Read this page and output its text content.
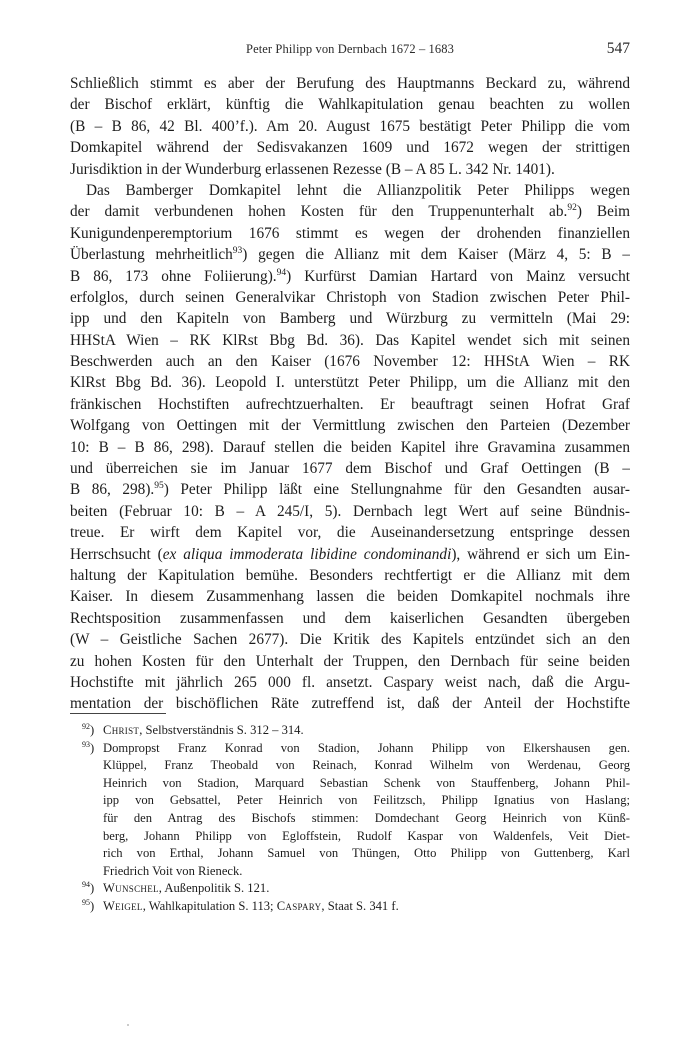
Peter Philipp von Dernbach 1672 – 1683	547
Schließlich stimmt es aber der Berufung des Hauptmanns Beckard zu, während
der Bischof erklärt, künftig die Wahlkapitulation genau beachten zu wollen
(B – B 86, 42 Bl. 400’f.). Am 20. August 1675 bestätigt Peter Philipp die vom
Domkapitel während der Sedisvakanzen 1609 und 1672 wegen der strittigen
Jurisdiktion in der Wunderburg erlassenen Rezesse (B – A 85 L. 342 Nr. 1401).
Das Bamberger Domkapitel lehnt die Allianzpolitik Peter Philipps wegen
der damit verbundenen hohen Kosten für den Truppenunterhalt ab.$^{92}$) Beim
Kunigundenperemptorium 1676 stimmt es wegen der drohenden finanziellen
Überlastung mehrheitlich$^{93}$) gegen die Allianz mit dem Kaiser (März 4, 5: B –
B 86, 173 ohne Foliierung).$^{94}$) Kurfürst Damian Hartard von Mainz versucht
erfolglos, durch seinen Generalvikar Christoph von Stadion zwischen Peter Phil-
ipp und den Kapiteln von Bamberg und Würzburg zu vermitteln (Mai 29:
HHStA Wien – RK KlRst Bbg Bd. 36). Das Kapitel wendet sich mit seinen
Beschwerden auch an den Kaiser (1676 November 12: HHStA Wien – RK
KlRst Bbg Bd. 36). Leopold I. unterstützt Peter Philipp, um die Allianz mit den
fränkischen Hochstiften aufrechtzuerhalten. Er beauftragt seinen Hofrat Graf
Wolfgang von Oettingen mit der Vermittlung zwischen den Parteien (Dezember
10: B – B 86, 298). Darauf stellen die beiden Kapitel ihre Gravamina zusammen
und überreichen sie im Januar 1677 dem Bischof und Graf Oettingen (B –
B 86, 298).$^{95}$) Peter Philipp läßt eine Stellungnahme für den Gesandten ausar-
beiten (Februar 10: B – A 245/I, 5). Dernbach legt Wert auf seine Bündnis-
treue. Er wirft dem Kapitel vor, die Auseinandersetzung entspringe dessen
Herrschsucht (ex aliqua immoderata libidine condominandi), während er sich um Ein-
haltung der Kapitulation bemühe. Besonders rechtfertigt er die Allianz mit dem
Kaiser. In diesem Zusammenhang lassen die beiden Domkapitel nochmals ihre
Rechtsposition zusammenfassen und dem kaiserlichen Gesandten übergeben
(W – Geistliche Sachen 2677). Die Kritik des Kapitels entzündet sich an den
zu hohen Kosten für den Unterhalt der Truppen, den Dernbach für seine beiden
Hochstifte mit jährlich 265 000 fl. ansetzt. Caspary weist nach, daß die Argu-
mentation der bischöflichen Räte zutreffend ist, daß der Anteil der Hochstifte
$^{92}$) Christ, Selbstverständnis S. 312 – 314.
$^{93}$) Dompropst Franz Konrad von Stadion, Johann Philipp von Elkershausen gen.
Klüppel, Franz Theobald von Reinach, Konrad Wilhelm von Werdenau, Georg
Heinrich von Stadion, Marquard Sebastian Schenk von Stauffenberg, Johann Phil-
ipp von Gebsattel, Peter Heinrich von Feilitzsch, Philipp Ignatius von Haslang;
für den Antrag des Bischofs stimmen: Domdechant Georg Heinrich von Künß-
berg, Johann Philipp von Egloffstein, Rudolf Kaspar von Waldenfels, Veit Diet-
rich von Erthal, Johann Samuel von Thüngen, Otto Philipp von Guttenberg, Karl
Friedrich Voit von Rieneck.
$^{94}$) Wunschel, Außenpolitik S. 121.
$^{95}$) Weigel, Wahlkapitulation S. 113; Caspary, Staat S. 341 f.
